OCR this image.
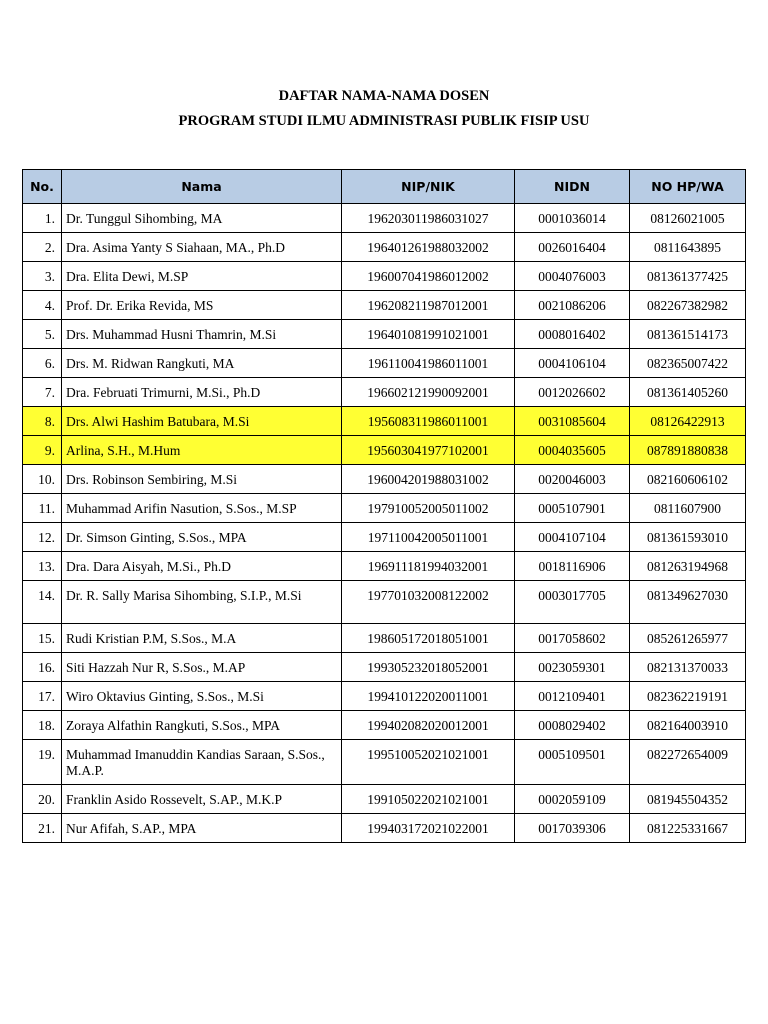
DAFTAR NAMA-NAMA DOSEN
PROGRAM STUDI ILMU ADMINISTRASI PUBLIK FISIP USU
No.	Nama	NIP/NIK	NIDN	NO HP/WA
1.	Dr. Tunggul Sihombing, MA	196203011986031027	0001036014	08126021005
2.	Dra. Asima Yanty S Siahaan, MA., Ph.D	196401261988032002	0026016404	0811643895
3.	Dra. Elita Dewi, M.SP	196007041986012002	0004076003	081361377425
4.	Prof. Dr. Erika Revida, MS	196208211987012001	0021086206	082267382982
5.	Drs. Muhammad Husni Thamrin, M.Si	196401081991021001	0008016402	081361514173
6.	Drs. M. Ridwan Rangkuti, MA	196110041986011001	0004106104	082365007422
7.	Dra. Februati Trimurni, M.Si., Ph.D	196602121990092001	0012026602	081361405260
8.	Drs. Alwi Hashim Batubara, M.Si	195608311986011001	0031085604	08126422913
9.	Arlina, S.H., M.Hum	195603041977102001	0004035605	087891880838
10.	Drs. Robinson Sembiring, M.Si	196004201988031002	0020046003	082160606102
11.	Muhammad Arifin Nasution, S.Sos., M.SP	197910052005011002	0005107901	0811607900
12.	Dr. Simson Ginting, S.Sos., MPA	197110042005011001	0004107104	081361593010
13.	Dra. Dara Aisyah, M.Si., Ph.D	196911181994032001	0018116906	081263194968
14.	Dr. R. Sally Marisa Sihombing, S.I.P., M.Si	197701032008122002	0003017705	081349627030
15.	Rudi Kristian P.M, S.Sos., M.A	198605172018051001	0017058602	085261265977
16.	Siti Hazzah Nur R, S.Sos., M.AP	199305232018052001	0023059301	082131370033
17.	Wiro Oktavius Ginting, S.Sos., M.Si	199410122020011001	0012109401	082362219191
18.	Zoraya Alfathin Rangkuti, S.Sos., MPA	199402082020012001	0008029402	082164003910
19.	Muhammad Imanuddin Kandias Saraan, S.Sos., M.A.P.	199510052021021001	0005109501	082272654009
20.	Franklin Asido Rossevelt, S.AP., M.K.P	199105022021021001	0002059109	081945504352
21.	Nur Afifah, S.AP., MPA	199403172021022001	0017039306	081225331667
